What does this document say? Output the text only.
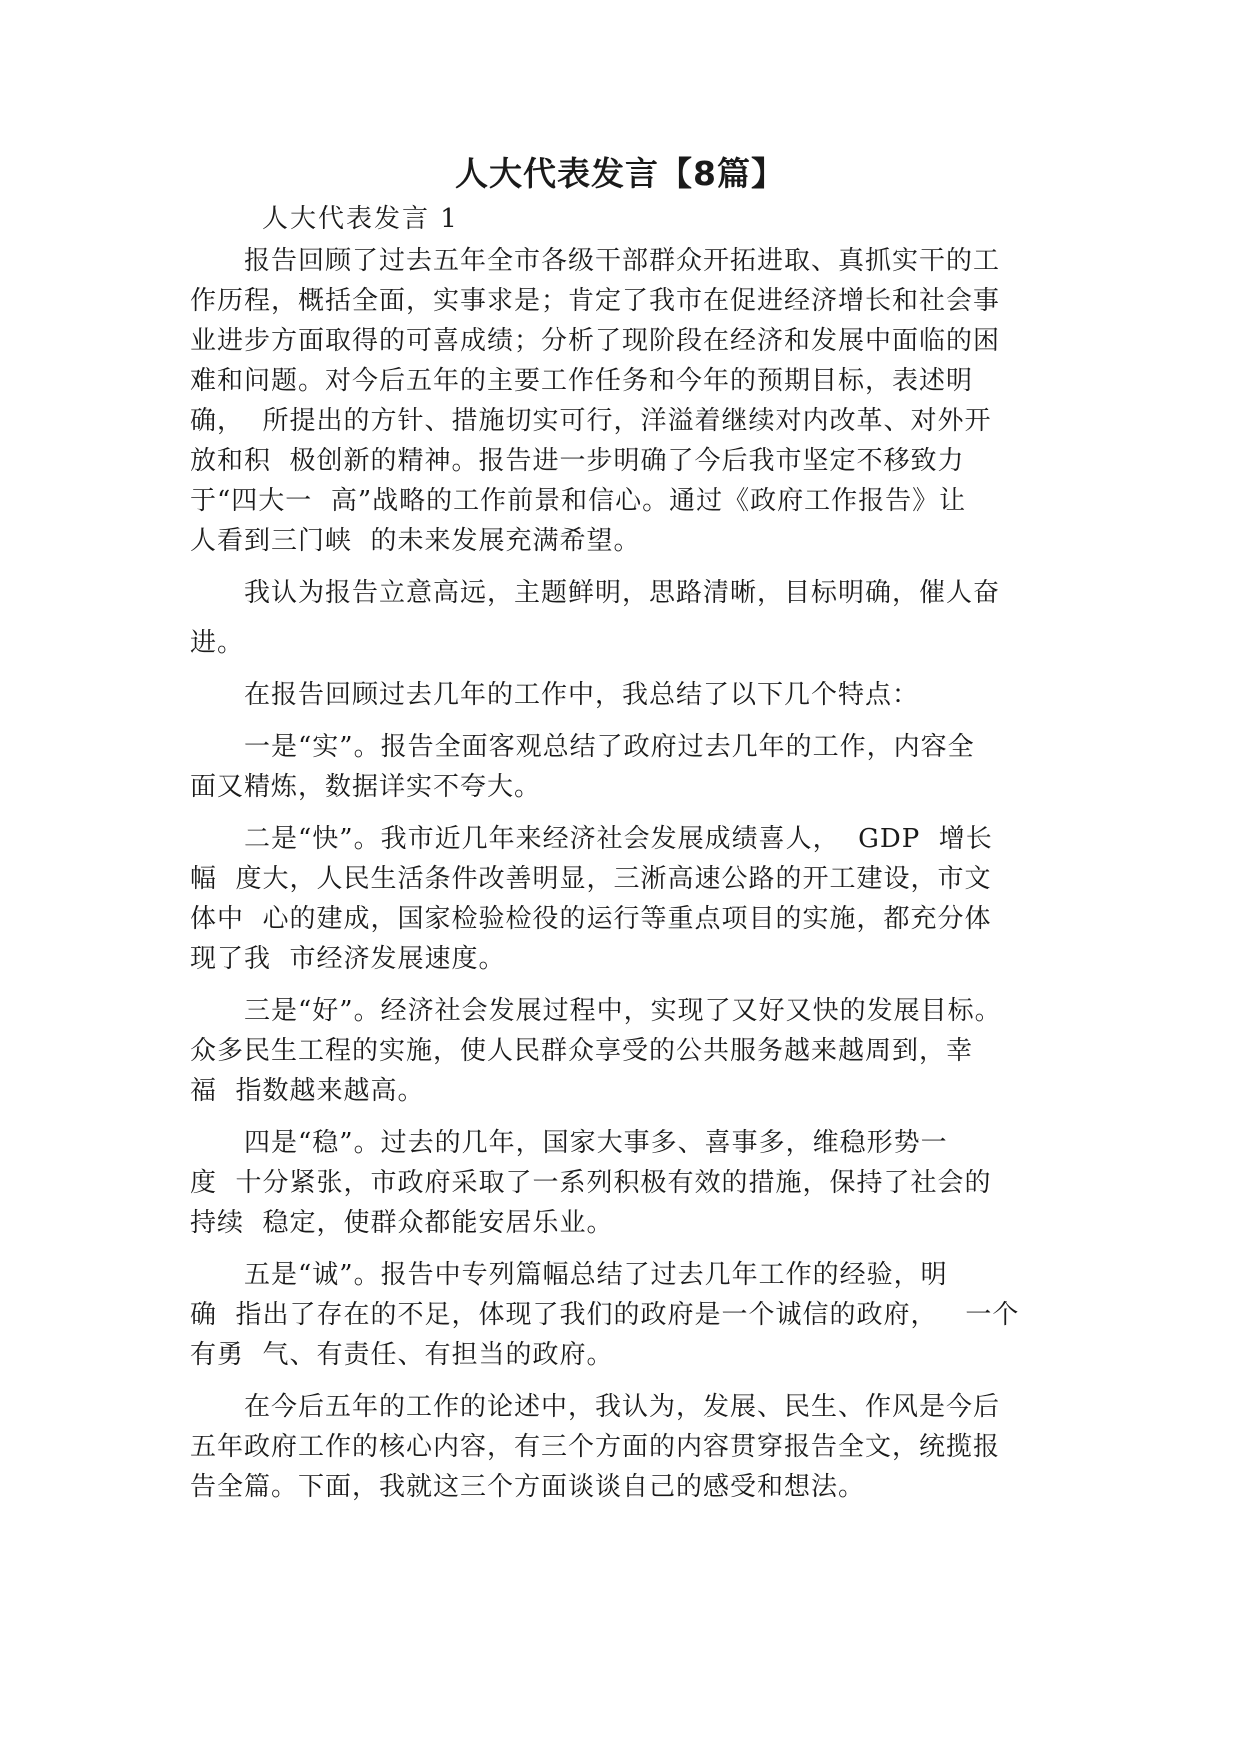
人大代表发言【8篇】
人大代表发言 1

　　报告回顾了过去五年全市各级干部群众开拓进取、真抓实干的工
作历程，概括全面，实事求是；肯定了我市在促进经济增长和社会事
业进步方面取得的可喜成绩；分析了现阶段在经济和发展中面临的困
难和问题。对今后五年的主要工作任务和今年的预期目标，表述明
确，  所提出的方针、措施切实可行，洋溢着继续对内改革、对外开
放和积  极创新的精神。报告进一步明确了今后我市坚定不移致力
于“四大一  高”战略的工作前景和信心。通过《政府工作报告》让
人看到三门峡  的未来发展充满希望。

　　我认为报告立意高远，主题鲜明，思路清晰，目标明确，催人奋
进。

　　在报告回顾过去几年的工作中，我总结了以下几个特点：

　　一是“实”。报告全面客观总结了政府过去几年的工作，内容全
面又精炼，数据详实不夸大。

　　二是“快”。我市近几年来经济社会发展成绩喜人，  GDP  增长
幅  度大，人民生活条件改善明显，三淅高速公路的开工建设，市文
体中  心的建成，国家检验检役的运行等重点项目的实施，都充分体
现了我  市经济发展速度。

　　三是“好”。经济社会发展过程中，实现了又好又快的发展目标。
众多民生工程的实施，使人民群众享受的公共服务越来越周到，幸
福  指数越来越高。

　　四是“稳”。过去的几年，国家大事多、喜事多，维稳形势一
度  十分紧张，市政府采取了一系列积极有效的措施，保持了社会的
持续  稳定，使群众都能安居乐业。

　　五是“诚”。报告中专列篇幅总结了过去几年工作的经验，明
确  指出了存在的不足，体现了我们的政府是一个诚信的政府，   一个
有勇  气、有责任、有担当的政府。

　　在今后五年的工作的论述中，我认为，发展、民生、作风是今后
五年政府工作的核心内容，有三个方面的内容贯穿报告全文，统揽报
告全篇。下面，我就这三个方面谈谈自己的感受和想法。
